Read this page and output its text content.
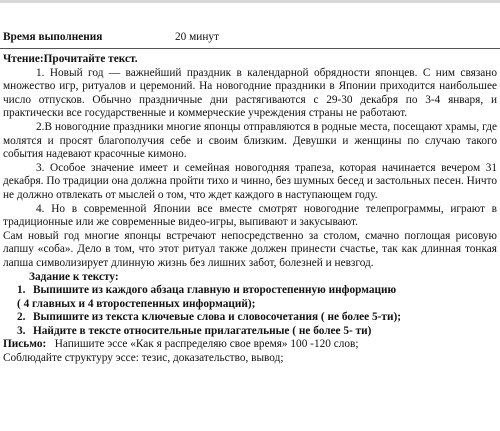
Время выполнения	20 минут
Чтение:Прочитайте текст.

1. Новый год — важнейший праздник в календарной обрядности японцев. С ним связано множество игр, ритуалов и церемоний. На новогодние праздники в Японии приходится наибольшее число отпусков. Обычно праздничные дни растягиваются с 29-30 декабря по 3-4 января, и практически все государственные и коммерческие учреждения страны не работают.

2.В новогодние праздники многие японцы отправляются в родные места, посещают храмы, где молятся и просят благополучия себе и своим близким. Девушки и женщины по случаю такого события надевают красочные кимоно.

3. Особое значение имеет и семейная новогодняя трапеза, которая начинается вечером 31 декабря. По традиции она должна пройти тихо и чинно, без шумных бесед и застольных песен. Ничто не должно отвлекать от мыслей о том, что ждет каждого в наступающем году.

4. Но в современной Японии все вместе смотрят новогодние телепрограммы, играют в традиционные или же современные видео-игры, выпивают и закусывают.

Сам новый год многие японцы встречают непосредственно за столом, смачно поглощая рисовую лапшу «соба». Дело в том, что этот ритуал также должен принести счастье, так как длинная тонкая лапша символизирует длинную жизнь без лишних забот, болезней и невзгод.

Задание к тексту:
1. Выпишите из каждого абзаца главную и второстепенную информацию
( 4 главных и 4 второстепенных информаций);
2. Выпишите из текста ключевые слова и словосочетания ( не более 5-ти);
3. Найдите в тексте относительные прилагательные ( не более 5- ти)
Письмо: Напишите эссе «Как я распределяю свое время» 100 -120 слов;
Соблюдайте структуру эссе: тезис, доказательство, вывод;
